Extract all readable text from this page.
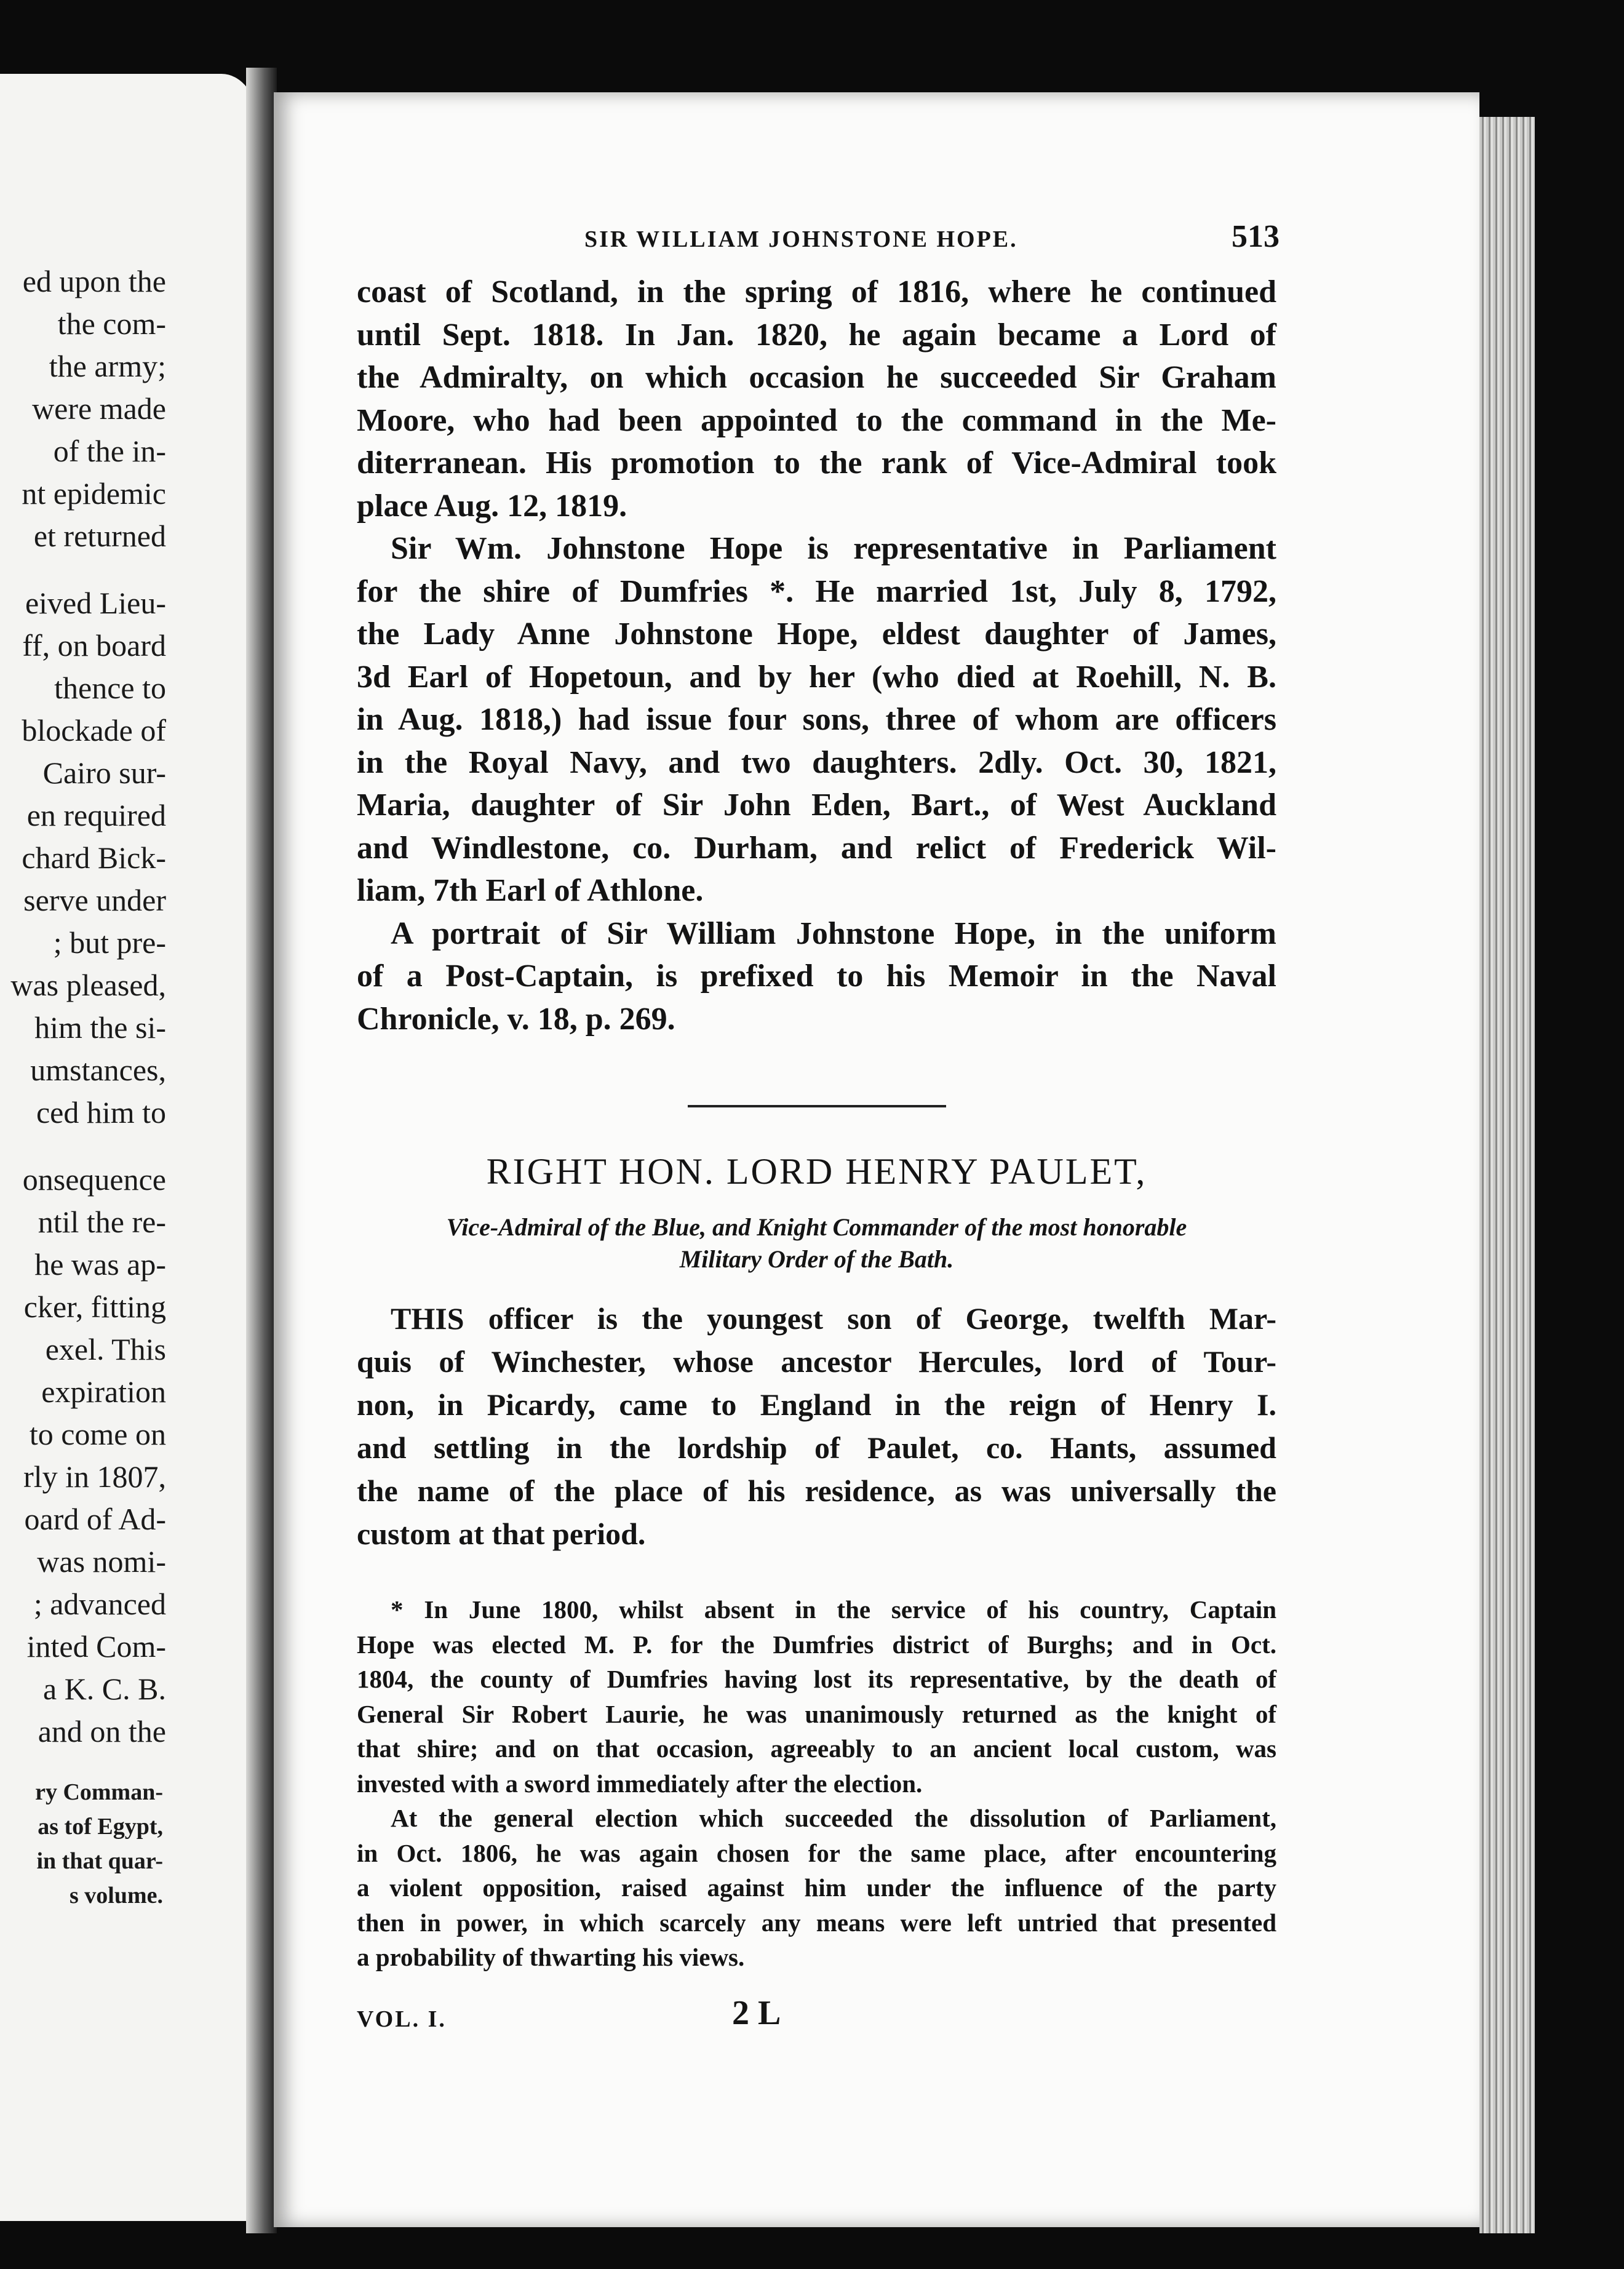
ed upon the
the com-
the army;
were made
of the in-
nt epidemic
et returned
eived Lieu-
ff, on board
thence to
blockade of
Cairo sur-
en required
chard Bick-
serve under
; but pre-
was pleased,
him the si-
umstances,
ced him to
onsequence
ntil the re-
he was ap-
cker, fitting
exel. This
expiration
to come on
rly in 1807,
oard of Ad-
was nomi-
; advanced
inted Com-
a K. C. B.
and on the
ry Comman-
as tof Egypt,
in that quar-
s volume.
SIR WILLIAM JOHNSTONE HOPE.	513

coast of Scotland, in the spring of 1816, where he continued
until Sept. 1818. In Jan. 1820, he again became a Lord of
the Admiralty, on which occasion he succeeded Sir Graham
Moore, who had been appointed to the command in the Me-
diterranean. His promotion to the rank of Vice-Admiral took
place Aug. 12, 1819.

Sir Wm. Johnstone Hope is representative in Parliament
for the shire of Dumfries *. He married 1st, July 8, 1792,
the Lady Anne Johnstone Hope, eldest daughter of James,
3d Earl of Hopetoun, and by her (who died at Roehill, N. B.
in Aug. 1818,) had issue four sons, three of whom are officers
in the Royal Navy, and two daughters. 2dly. Oct. 30, 1821,
Maria, daughter of Sir John Eden, Bart., of West Auckland
and Windlestone, co. Durham, and relict of Frederick Wil-
liam, 7th Earl of Athlone.

A portrait of Sir William Johnstone Hope, in the uniform
of a Post-Captain, is prefixed to his Memoir in the Naval
Chronicle, v. 18, p. 269.

RIGHT HON. LORD HENRY PAULET,
Vice-Admiral of the Blue, and Knight Commander of the most honorable
Military Order of the Bath.

THIS officer is the youngest son of George, twelfth Mar-
quis of Winchester, whose ancestor Hercules, lord of Tour-
non, in Picardy, came to England in the reign of Henry I.
and settling in the lordship of Paulet, co. Hants, assumed
the name of the place of his residence, as was universally the
custom at that period.

* In June 1800, whilst absent in the service of his country, Captain
Hope was elected M. P. for the Dumfries district of Burghs; and in Oct.
1804, the county of Dumfries having lost its representative, by the death of
General Sir Robert Laurie, he was unanimously returned as the knight of
that shire; and on that occasion, agreeably to an ancient local custom, was
invested with a sword immediately after the election.

At the general election which succeeded the dissolution of Parliament,
in Oct. 1806, he was again chosen for the same place, after encountering
a violent opposition, raised against him under the influence of the party
then in power, in which scarcely any means were left untried that presented
a probability of thwarting his views.

VOL. I.	2 L
